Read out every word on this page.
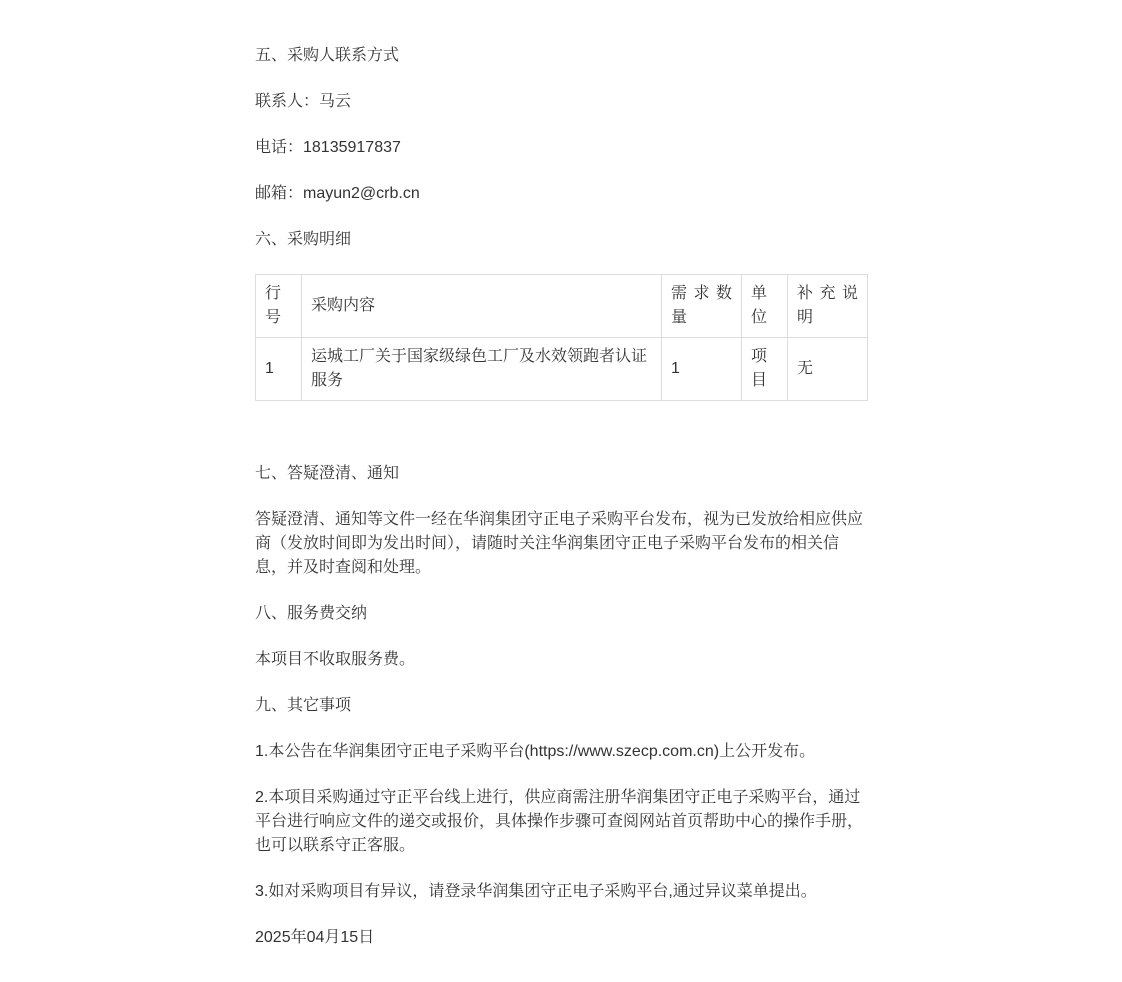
五、采购人联系方式

联系人：马云

电话：18135917837

邮箱：mayun2@crb.cn

六、采购明细

行号	采购内容	需求数量	单位	补充说明
1	运城工厂关于国家级绿色工厂及水效领跑者认证服务	1	项目	无

七、答疑澄清、通知

答疑澄清、通知等文件一经在华润集团守正电子采购平台发布，视为已发放给相应供应商（发放时间即为发出时间），请随时关注华润集团守正电子采购平台发布的相关信息，并及时查阅和处理。

八、服务费交纳

本项目不收取服务费。

九、其它事项

1.本公告在华润集团守正电子采购平台(https://www.szecp.com.cn)上公开发布。

2.本项目采购通过守正平台线上进行，供应商需注册华润集团守正电子采购平台，通过平台进行响应文件的递交或报价，具体操作步骤可查阅网站首页帮助中心的操作手册，也可以联系守正客服。

3.如对采购项目有异议，请登录华润集团守正电子采购平台,通过异议菜单提出。

2025年04月15日
